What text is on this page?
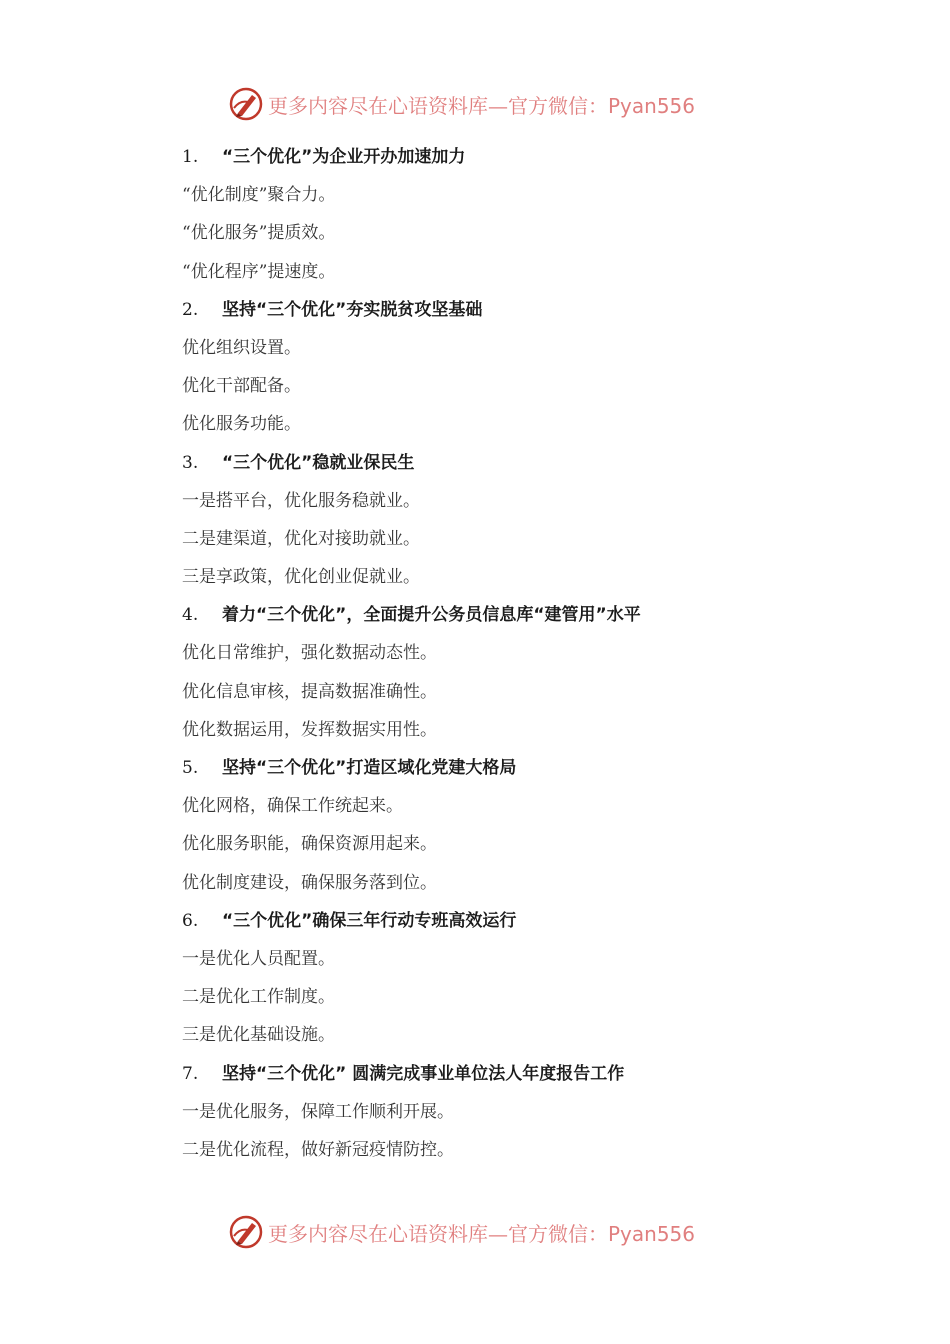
更多内容尽在心语资料库—官方微信：Pyan556
1.	“三个优化”为企业开办加速加力
“优化制度”聚合力。
“优化服务”提质效。
“优化程序”提速度。
2.	坚持“三个优化”夯实脱贫攻坚基础
优化组织设置。
优化干部配备。
优化服务功能。
3.	“三个优化”稳就业保民生
一是搭平台，优化服务稳就业。
二是建渠道，优化对接助就业。
三是享政策，优化创业促就业。
4.	着力“三个优化”，全面提升公务员信息库“建管用”水平
优化日常维护，强化数据动态性。
优化信息审核，提高数据准确性。
优化数据运用，发挥数据实用性。
5.	坚持“三个优化”打造区域化党建大格局
优化网格，确保工作统起来。
优化服务职能，确保资源用起来。
优化制度建设，确保服务落到位。
6.	“三个优化”确保三年行动专班高效运行
一是优化人员配置。
二是优化工作制度。
三是优化基础设施。
7.	坚持“三个优化” 圆满完成事业单位法人年度报告工作
一是优化服务，保障工作顺利开展。
二是优化流程，做好新冠疫情防控。
更多内容尽在心语资料库—官方微信：Pyan556
